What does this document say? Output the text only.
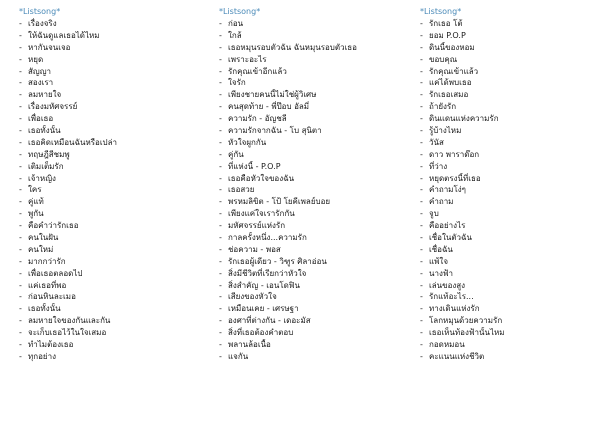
*Listsong*
- เรื่องจริง
- ให้ฉันดูแลเธอได้ไหม
- หากันจนเจอ
- หยุด
- สัญญา
- สองเรา
- ลมหายใจ
- เรื่องมหัศจรรย์
- เพื่อเธอ
- เธอทั้งนั้น
- เธอคิดเหมือนฉันหรือเปล่า
- ทฤษฎีสีชมพู
- เติมเต็มรัก
- เจ้าหญิง
- ใคร
- คู่แท้
- พูกัน
- คือคำว่ารักเธอ
- คนในฝัน
- คนใหม่
- มากกว่ารัก
- เพื่อเธอตลอดไป
- แค่เธอที่พอ
- ก่อนหินละเมอ
- เธอทั้งนั้น
- ลมหายใจของกันและกัน
- จะเก็บเธอไว้ในใจเสมอ
- ทำไมต้องเธอ
- ทุกอย่าง
*Listsong*
- ก่อน
- ใกล้
- เธอหมุนรอบตัวฉัน ฉันหมุนรอบตัวเธอ
- เพราะอะไร
- รักคุณเข้าอีกแล้ว
- ใจรัก
- เพียงชายคนนี้ไม่ใช่ผู้วิเศษ
- คนสุดท้าย - พี่ป๊อบ อัลมี่
- ความรัก - อัญชลี
- ความรักจากฉัน - โบ สุนิตา
- หัวใจผูกกัน
- คู่กัน
- ที่แห่งนี้ - P.O.P
- เธอคือหัวใจของฉัน
- เธอสวย
- พรหมลิขิต - โป้ โยคีเพลย์บอย
- เพียงแค่ใจเรารักกัน
- มหัศจรรย์แห่งรัก
- กาลครั้งหนึ่ง...ความรัก
- ช่อความ - พอส
- รักเธอผู้เดียว - วิฑูร ศิลาอ่อน
- สิ่งมีชีวิตที่เรียกว่าหัวใจ
- สิ่งสำคัญ - เอนโดฟิน
- เสียงของหัวใจ
- เหมือนเคย - เศรษฐา
- องศาที่ต่างกัน - เดอะมัส
- สิ่งที่เธอต้องคำตอบ
- พลานล้อเนื้อ
- แจกัน
*Listsong*
- รักเธอ โต้
- ยอม P.O.P
- ดินนี้ของหอม
- ขอบคุณ
- รักคุณเข้าแล้ว
- แค่ได้พบเธอ
- รักเธอเสมอ
- ถ้ายังรัก
- ดินแดนแห่งความรัก
- รู้บ้างไหม
- วันัส
- ดาว พาราด๊อก
- ที่ว่าง
- หยุดตรงนี้ที่เธอ
- คำถามโง่ๆ
- คำถาม
- จูบ
- คืออย่างไร
- เชื่อในตัวฉัน
- เชื่อฉัน
- แพ้ใจ
- นางฟ้า
- เล่นของสูง
- รักแท้อะไร...
- ทางเดินแห่งรัก
- โลกหมุนด้วยความรัก
- เธอเห็นท้องฟ้านั้นไหม
- กอดหมอน
- คะแนนแห่งชีวิต
